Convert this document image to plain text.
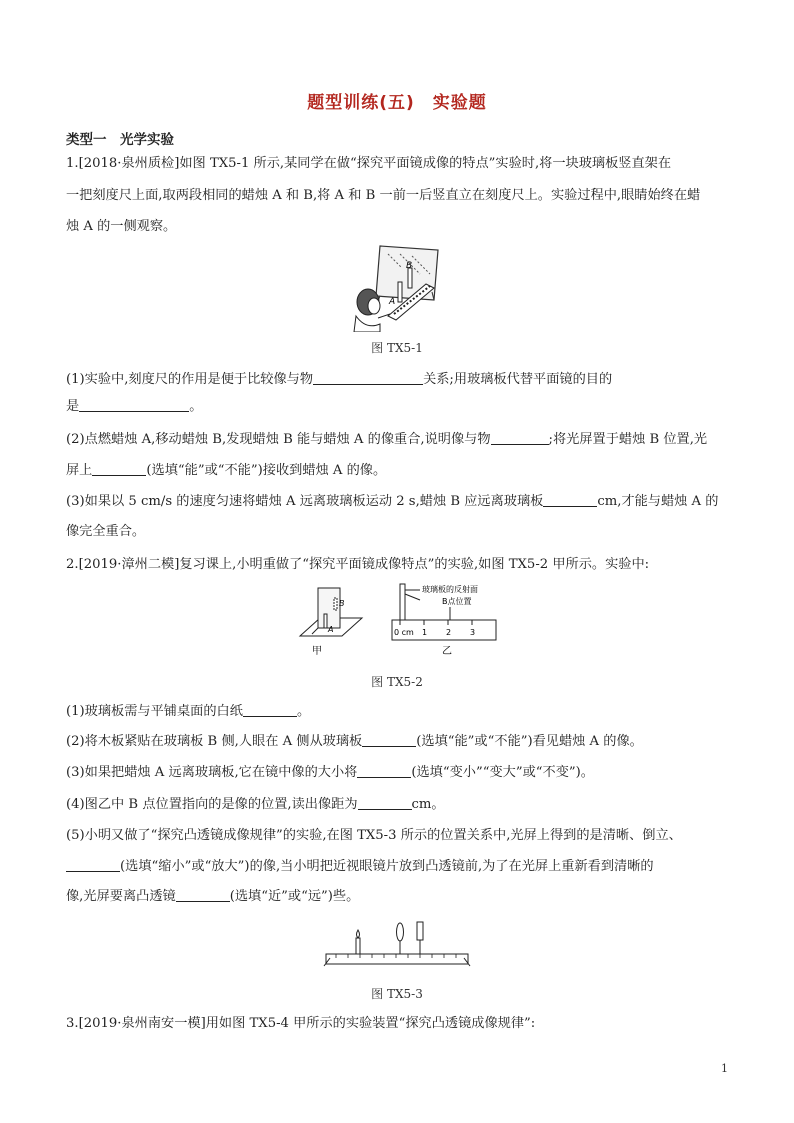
题型训练(五)　实验题
类型一　光学实验
1.[2018·泉州质检]如图 TX5-1 所示,某同学在做“探究平面镜成像的特点”实验时,将一块玻璃板竖直架在
一把刻度尺上面,取两段相同的蜡烛 A 和 B,将 A 和 B 一前一后竖直立在刻度尺上。实验过程中,眼睛始终在蜡
烛 A 的一侧观察。
B
A
图 TX5-1
(1)实验中,刻度尺的作用是便于比较像与物	关系;用玻璃板代替平面镜的目的
是	。
(2)点燃蜡烛 A,移动蜡烛 B,发现蜡烛 B 能与蜡烛 A 的像重合,说明像与物	;将光屏置于蜡烛 B 位置,光
屏上	(选填“能”或“不能”)接收到蜡烛 A 的像。
(3)如果以 5 cm/s 的速度匀速将蜡烛 A 远离玻璃板运动 2 s,蜡烛 B 应远离玻璃板	cm,才能与蜡烛 A 的
像完全重合。
2.[2019·漳州二模]复习课上,小明重做了“探究平面镜成像特点”的实验,如图 TX5-2 甲所示。实验中:
B
A
甲
玻璃板的反射面
B点位置
0 cm 1 2 3
乙
图 TX5-2
(1)玻璃板需与平铺桌面的白纸	。
(2)将木板紧贴在玻璃板 B 侧,人眼在 A 侧从玻璃板	(选填“能”或“不能”)看见蜡烛 A 的像。
(3)如果把蜡烛 A 远离玻璃板,它在镜中像的大小将	(选填“变小”“变大”或“不变”)。
(4)图乙中 B 点位置指向的是像的位置,读出像距为	cm。
(5)小明又做了“探究凸透镜成像规律”的实验,在图 TX5-3 所示的位置关系中,光屏上得到的是清晰、倒立、
(选填“缩小”或“放大”)的像,当小明把近视眼镜片放到凸透镜前,为了在光屏上重新看到清晰的
像,光屏要离凸透镜	(选填“近”或“远”)些。
图 TX5-3
3.[2019·泉州南安一模]用如图 TX5-4 甲所示的实验装置“探究凸透镜成像规律”:
1
